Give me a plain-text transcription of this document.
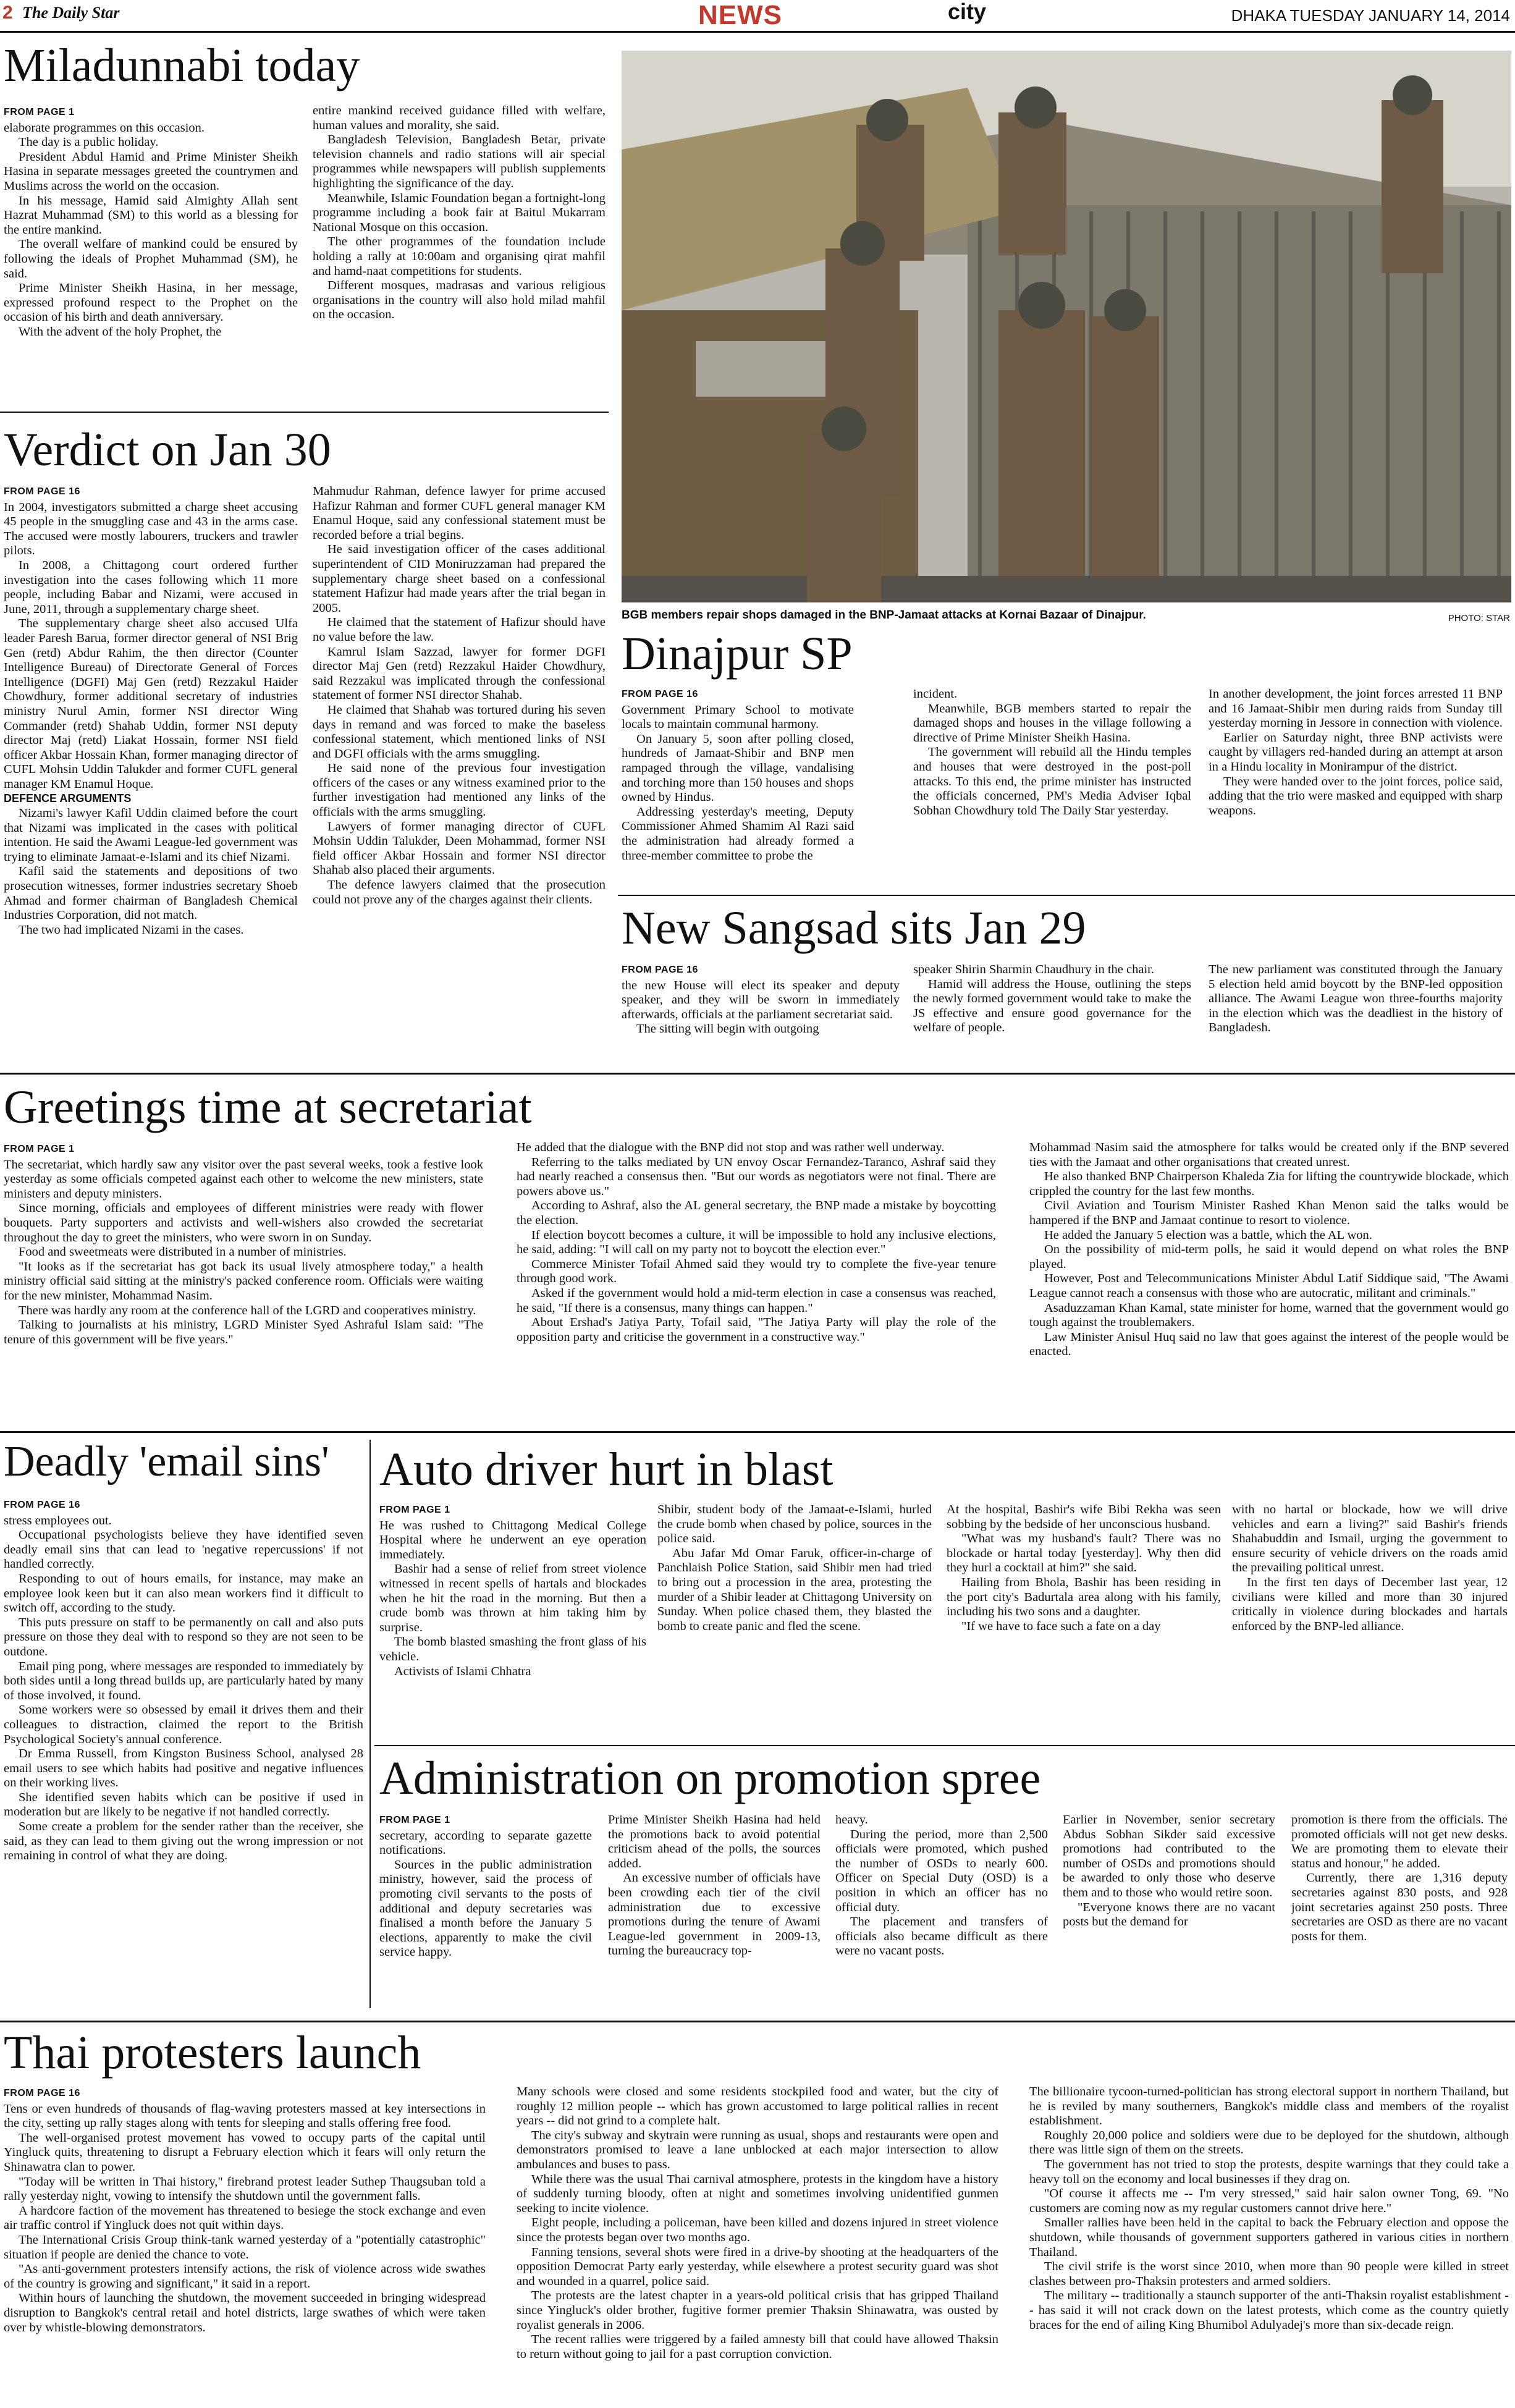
2 The Daily Star	NEWS	city	DHAKA TUESDAY JANUARY 14, 2014
Miladunnabi today
FROM PAGE 1

elaborate programmes on this occasion.

The day is a public holiday.

President Abdul Hamid and Prime Minister Sheikh Hasina in separate messages greeted the countrymen and Muslims across the world on the occasion.

In his message, Hamid said Almighty Allah sent Hazrat Muhammad (SM) to this world as a blessing for the entire mankind.

The overall welfare of mankind could be ensured by following the ideals of Prophet Muhammad (SM), he said.

Prime Minister Sheikh Hasina, in her message, expressed profound respect to the Prophet on the occasion of his birth and death anniversary.

With the advent of the holy Prophet, the

entire mankind received guidance filled with welfare, human values and morality, she said.

Bangladesh Television, Bangladesh Betar, private television channels and radio stations will air special programmes while newspapers will publish supplements highlighting the significance of the day.

Meanwhile, Islamic Foundation began a fortnight-long programme including a book fair at Baitul Mukarram National Mosque on this occasion.

The other programmes of the foundation include holding a rally at 10:00am and organising qirat mahfil and hamd-naat competitions for students.

Different mosques, madrasas and various religious organisations in the country will also hold milad mahfil on the occasion.

BGB members repair shops damaged in the BNP-Jamaat attacks at Kornai Bazaar of Dinajpur.	PHOTO: STAR
Verdict on Jan 30
FROM PAGE 16

In 2004, investigators submitted a charge sheet accusing 45 people in the smuggling case and 43 in the arms case. The accused were mostly labourers, truckers and trawler pilots.

In 2008, a Chittagong court ordered further investigation into the cases following which 11 more people, including Babar and Nizami, were accused in June, 2011, through a supplementary charge sheet.

The supplementary charge sheet also accused Ulfa leader Paresh Barua, former director general of NSI Brig Gen (retd) Abdur Rahim, the then director (Counter Intelligence Bureau) of Directorate General of Forces Intelligence (DGFI) Maj Gen (retd) Rezzakul Haider Chowdhury, former additional secretary of industries ministry Nurul Amin, former NSI director Wing Commander (retd) Shahab Uddin, former NSI deputy director Maj (retd) Liakat Hossain, former NSI field officer Akbar Hossain Khan, former managing director of CUFL Mohsin Uddin Talukder and former CUFL general manager KM Enamul Hoque.

DEFENCE ARGUMENTS

Nizami's lawyer Kafil Uddin claimed before the court that Nizami was implicated in the cases with political intention. He said the Awami League-led government was trying to eliminate Jamaat-e-Islami and its chief Nizami.

Kafil said the statements and depositions of two prosecution witnesses, former industries secretary Shoeb Ahmad and former chairman of Bangladesh Chemical Industries Corporation, did not match.

The two had implicated Nizami in the cases.

Mahmudur Rahman, defence lawyer for prime accused Hafizur Rahman and former CUFL general manager KM Enamul Hoque, said any confessional statement must be recorded before a trial begins.

He said investigation officer of the cases additional superintendent of CID Moniruzzaman had prepared the supplementary charge sheet based on a confessional statement Hafizur had made years after the trial began in 2005.

He claimed that the statement of Hafizur should have no value before the law.

Kamrul Islam Sazzad, lawyer for former DGFI director Maj Gen (retd) Rezzakul Haider Chowdhury, said Rezzakul was implicated through the confessional statement of former NSI director Shahab.

He claimed that Shahab was tortured during his seven days in remand and was forced to make the baseless confessional statement, which mentioned links of NSI and DGFI officials with the arms smuggling.

He said none of the previous four investigation officers of the cases or any witness examined prior to the further investigation had mentioned any links of the officials with the arms smuggling.

Lawyers of former managing director of CUFL Mohsin Uddin Talukder, Deen Mohammad, former NSI field officer Akbar Hossain and former NSI director Shahab also placed their arguments.

The defence lawyers claimed that the prosecution could not prove any of the charges against their clients.

Dinajpur SP
FROM PAGE 16

Government Primary School to motivate locals to maintain communal harmony.

On January 5, soon after polling closed, hundreds of Jamaat-Shibir and BNP men rampaged through the village, vandalising and torching more than 150 houses and shops owned by Hindus.

Addressing yesterday's meeting, Deputy Commissioner Ahmed Shamim Al Razi said the administration had already formed a three-member committee to probe the

incident.

Meanwhile, BGB members started to repair the damaged shops and houses in the village following a directive of Prime Minister Sheikh Hasina.

The government will rebuild all the Hindu temples and houses that were destroyed in the post-poll attacks. To this end, the prime minister has instructed the officials concerned, PM's Media Adviser Iqbal Sobhan Chowdhury told The Daily Star yesterday.

In another development, the joint forces arrested 11 BNP and 16 Jamaat-Shibir men during raids from Sunday till yesterday morning in Jessore in connection with violence.

Earlier on Saturday night, three BNP activists were caught by villagers red-handed during an attempt at arson in a Hindu locality in Monirampur of the district.

They were handed over to the joint forces, police said, adding that the trio were masked and equipped with sharp weapons.

New Sangsad sits Jan 29
FROM PAGE 16

the new House will elect its speaker and deputy speaker, and they will be sworn in immediately afterwards, officials at the parliament secretariat said.

The sitting will begin with outgoing

speaker Shirin Sharmin Chaudhury in the chair.

Hamid will address the House, outlining the steps the newly formed government would take to make the JS effective and ensure good governance for the welfare of people.

The new parliament was constituted through the January 5 election held amid boycott by the BNP-led opposition alliance. The Awami League won three-fourths majority in the election which was the deadliest in the history of Bangladesh.

Greetings time at secretariat
FROM PAGE 1

The secretariat, which hardly saw any visitor over the past several weeks, took a festive look yesterday as some officials competed against each other to welcome the new ministers, state ministers and deputy ministers.

Since morning, officials and employees of different ministries were ready with flower bouquets. Party supporters and activists and well-wishers also crowded the secretariat throughout the day to greet the ministers, who were sworn in on Sunday.

Food and sweetmeats were distributed in a number of ministries.

"It looks as if the secretariat has got back its usual lively atmosphere today," a health ministry official said sitting at the ministry's packed conference room. Officials were waiting for the new minister, Mohammad Nasim.

There was hardly any room at the conference hall of the LGRD and cooperatives ministry.

Talking to journalists at his ministry, LGRD Minister Syed Ashraful Islam said: "The tenure of this government will be five years."

He added that the dialogue with the BNP did not stop and was rather well underway.

Referring to the talks mediated by UN envoy Oscar Fernandez-Taranco, Ashraf said they had nearly reached a consensus then. "But our words as negotiators were not final. There are powers above us."

According to Ashraf, also the AL general secretary, the BNP made a mistake by boycotting the election.

If election boycott becomes a culture, it will be impossible to hold any inclusive elections, he said, adding: "I will call on my party not to boycott the election ever."

Commerce Minister Tofail Ahmed said they would try to complete the five-year tenure through good work.

Asked if the government would hold a mid-term election in case a consensus was reached, he said, "If there is a consensus, many things can happen."

About Ershad's Jatiya Party, Tofail said, "The Jatiya Party will play the role of the opposition party and criticise the government in a constructive way."

Mohammad Nasim said the atmosphere for talks would be created only if the BNP severed ties with the Jamaat and other organisations that created unrest.

He also thanked BNP Chairperson Khaleda Zia for lifting the countrywide blockade, which crippled the country for the last few months.

Civil Aviation and Tourism Minister Rashed Khan Menon said the talks would be hampered if the BNP and Jamaat continue to resort to violence.

He added the January 5 election was a battle, which the AL won.

On the possibility of mid-term polls, he said it would depend on what roles the BNP played.

However, Post and Telecommunications Minister Abdul Latif Siddique said, "The Awami League cannot reach a consensus with those who are autocratic, militant and criminals."

Asaduzzaman Khan Kamal, state minister for home, warned that the government would go tough against the troublemakers.

Law Minister Anisul Huq said no law that goes against the interest of the people would be enacted.

Deadly 'email sins'
FROM PAGE 16

stress employees out.

Occupational psychologists believe they have identified seven deadly email sins that can lead to 'negative repercussions' if not handled correctly.

Responding to out of hours emails, for instance, may make an employee look keen but it can also mean workers find it difficult to switch off, according to the study.

This puts pressure on staff to be permanently on call and also puts pressure on those they deal with to respond so they are not seen to be outdone.

Email ping pong, where messages are responded to immediately by both sides until a long thread builds up, are particularly hated by many of those involved, it found.

Some workers were so obsessed by email it drives them and their colleagues to distraction, claimed the report to the British Psychological Society's annual conference.

Dr Emma Russell, from Kingston Business School, analysed 28 email users to see which habits had positive and negative influences on their working lives.

She identified seven habits which can be positive if used in moderation but are likely to be negative if not handled correctly.

Some create a problem for the sender rather than the receiver, she said, as they can lead to them giving out the wrong impression or not remaining in control of what they are doing.

Auto driver hurt in blast
FROM PAGE 1

He was rushed to Chittagong Medical College Hospital where he underwent an eye operation immediately.

Bashir had a sense of relief from street violence witnessed in recent spells of hartals and blockades when he hit the road in the morning. But then a crude bomb was thrown at him taking him by surprise.

The bomb blasted smashing the front glass of his vehicle.

Activists of Islami Chhatra

Shibir, student body of the Jamaat-e-Islami, hurled the crude bomb when chased by police, sources in the police said.

Abu Jafar Md Omar Faruk, officer-in-charge of Panchlaish Police Station, said Shibir men had tried to bring out a procession in the area, protesting the murder of a Shibir leader at Chittagong University on Sunday. When police chased them, they blasted the bomb to create panic and fled the scene.

At the hospital, Bashir's wife Bibi Rekha was seen sobbing by the bedside of her unconscious husband.

"What was my husband's fault? There was no blockade or hartal today [yesterday]. Why then did they hurl a cocktail at him?" she said.

Hailing from Bhola, Bashir has been residing in the port city's Badurtala area along with his family, including his two sons and a daughter.

"If we have to face such a fate on a day

with no hartal or blockade, how we will drive vehicles and earn a living?" said Bashir's friends Shahabuddin and Ismail, urging the government to ensure security of vehicle drivers on the roads amid the prevailing political unrest.

In the first ten days of December last year, 12 civilians were killed and more than 30 injured critically in violence during blockades and hartals enforced by the BNP-led alliance.

Administration on promotion spree
FROM PAGE 1

secretary, according to separate gazette notifications.

Sources in the public administration ministry, however, said the process of promoting civil servants to the posts of additional and deputy secretaries was finalised a month before the January 5 elections, apparently to make the civil service happy.

Prime Minister Sheikh Hasina had held the promotions back to avoid potential criticism ahead of the polls, the sources added.

An excessive number of officials have been crowding each tier of the civil administration due to excessive promotions during the tenure of Awami League-led government in 2009-13, turning the bureaucracy top-

heavy.

During the period, more than 2,500 officials were promoted, which pushed the number of OSDs to nearly 600. Officer on Special Duty (OSD) is a position in which an officer has no official duty.

The placement and transfers of officials also became difficult as there were no vacant posts.

Earlier in November, senior secretary Abdus Sobhan Sikder said excessive promotions had contributed to the number of OSDs and promotions should be awarded to only those who deserve them and to those who would retire soon.

"Everyone knows there are no vacant posts but the demand for

promotion is there from the officials. The promoted officials will not get new desks. We are promoting them to elevate their status and honour," he added.

Currently, there are 1,316 deputy secretaries against 830 posts, and 928 joint secretaries against 250 posts. Three secretaries are OSD as there are no vacant posts for them.

Thai protesters launch
FROM PAGE 16

Tens or even hundreds of thousands of flag-waving protesters massed at key intersections in the city, setting up rally stages along with tents for sleeping and stalls offering free food.

The well-organised protest movement has vowed to occupy parts of the capital until Yingluck quits, threatening to disrupt a February election which it fears will only return the Shinawatra clan to power.

"Today will be written in Thai history," firebrand protest leader Suthep Thaugsuban told a rally yesterday night, vowing to intensify the shutdown until the government falls.

A hardcore faction of the movement has threatened to besiege the stock exchange and even air traffic control if Yingluck does not quit within days.

The International Crisis Group think-tank warned yesterday of a "potentially catastrophic" situation if people are denied the chance to vote.

"As anti-government protesters intensify actions, the risk of violence across wide swathes of the country is growing and significant," it said in a report.

Within hours of launching the shutdown, the movement succeeded in bringing widespread disruption to Bangkok's central retail and hotel districts, large swathes of which were taken over by whistle-blowing demonstrators.

Many schools were closed and some residents stockpiled food and water, but the city of roughly 12 million people -- which has grown accustomed to large political rallies in recent years -- did not grind to a complete halt.

The city's subway and skytrain were running as usual, shops and restaurants were open and demonstrators promised to leave a lane unblocked at each major intersection to allow ambulances and buses to pass.

While there was the usual Thai carnival atmosphere, protests in the kingdom have a history of suddenly turning bloody, often at night and sometimes involving unidentified gunmen seeking to incite violence.

Eight people, including a policeman, have been killed and dozens injured in street violence since the protests began over two months ago.

Fanning tensions, several shots were fired in a drive-by shooting at the headquarters of the opposition Democrat Party early yesterday, while elsewhere a protest security guard was shot and wounded in a quarrel, police said.

The protests are the latest chapter in a years-old political crisis that has gripped Thailand since Yingluck's older brother, fugitive former premier Thaksin Shinawatra, was ousted by royalist generals in 2006.

The recent rallies were triggered by a failed amnesty bill that could have allowed Thaksin to return without going to jail for a past corruption conviction.

The billionaire tycoon-turned-politician has strong electoral support in northern Thailand, but he is reviled by many southerners, Bangkok's middle class and members of the royalist establishment.

Roughly 20,000 police and soldiers were due to be deployed for the shutdown, although there was little sign of them on the streets.

The government has not tried to stop the protests, despite warnings that they could take a heavy toll on the economy and local businesses if they drag on.

"Of course it affects me -- I'm very stressed," said hair salon owner Tong, 69. "No customers are coming now as my regular customers cannot drive here."

Smaller rallies have been held in the capital to back the February election and oppose the shutdown, while thousands of government supporters gathered in various cities in northern Thailand.

The civil strife is the worst since 2010, when more than 90 people were killed in street clashes between pro-Thaksin protesters and armed soldiers.

The military -- traditionally a staunch supporter of the anti-Thaksin royalist establishment -- has said it will not crack down on the latest protests, which come as the country quietly braces for the end of ailing King Bhumibol Adulyadej's more than six-decade reign.
